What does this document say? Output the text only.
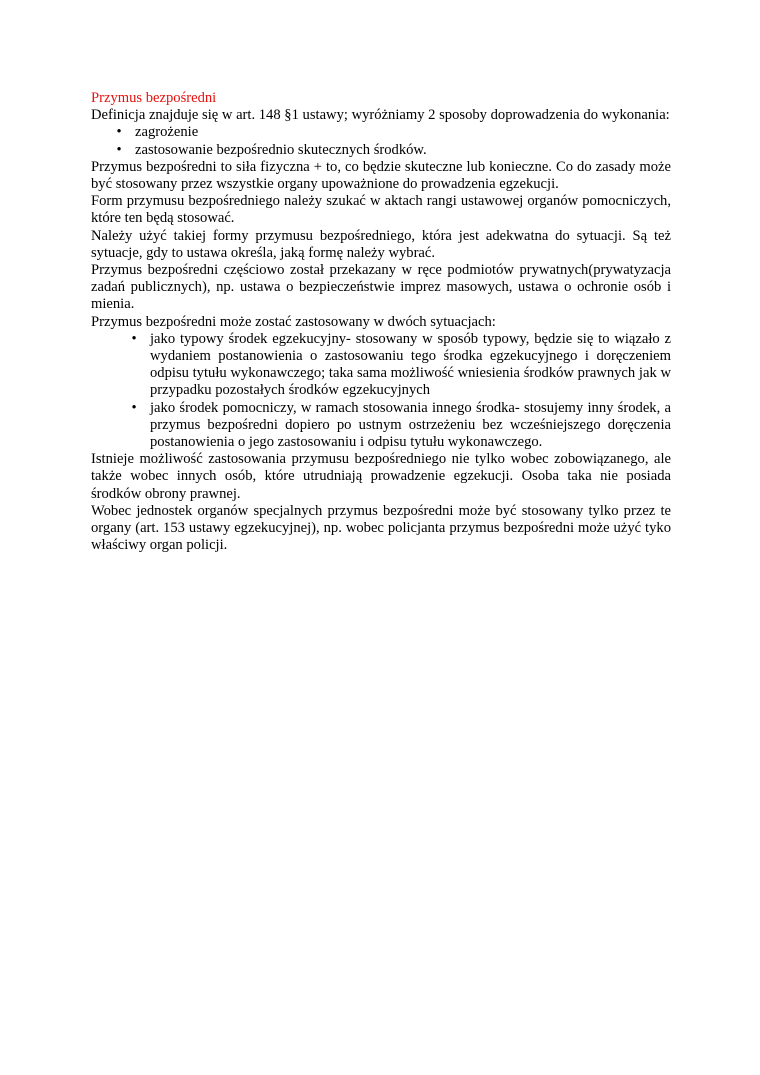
Przymus bezpośredni

Definicja znajduje się w art. 148 §1 ustawy; wyróżniamy 2 sposoby doprowadzenia do wykonania:

• zagrożenie
• zastosowanie bezpośrednio skutecznych środków.

Przymus bezpośredni to siła fizyczna + to, co będzie skuteczne lub konieczne. Co do zasady może być stosowany przez wszystkie organy upoważnione do prowadzenia egzekucji.

Form przymusu bezpośredniego należy szukać w aktach rangi ustawowej organów pomocniczych, które ten będą stosować.

Należy użyć takiej formy przymusu bezpośredniego, która jest adekwatna do sytuacji. Są też sytuacje, gdy to ustawa określa, jaką formę należy wybrać.

Przymus bezpośredni częściowo został przekazany w ręce podmiotów prywatnych(prywatyzacja zadań publicznych), np. ustawa o bezpieczeństwie imprez masowych, ustawa o ochronie osób i mienia.

Przymus bezpośredni może zostać zastosowany w dwóch sytuacjach:

• jako typowy środek egzekucyjny- stosowany w sposób typowy, będzie się to wiązało z wydaniem postanowienia o zastosowaniu tego środka egzekucyjnego i doręczeniem odpisu tytułu wykonawczego; taka sama możliwość wniesienia środków prawnych jak w przypadku pozostałych środków egzekucyjnych
• jako środek pomocniczy, w ramach stosowania innego środka- stosujemy inny środek, a przymus bezpośredni dopiero po ustnym ostrzeżeniu bez wcześniejszego doręczenia postanowienia o jego zastosowaniu i odpisu tytułu wykonawczego.

Istnieje możliwość zastosowania przymusu bezpośredniego nie tylko wobec zobowiązanego, ale także wobec innych osób, które utrudniają prowadzenie egzekucji. Osoba taka nie posiada środków obrony prawnej.

Wobec jednostek organów specjalnych przymus bezpośredni może być stosowany tylko przez te organy (art. 153 ustawy egzekucyjnej), np. wobec policjanta przymus bezpośredni może użyć tyko właściwy organ policji.
